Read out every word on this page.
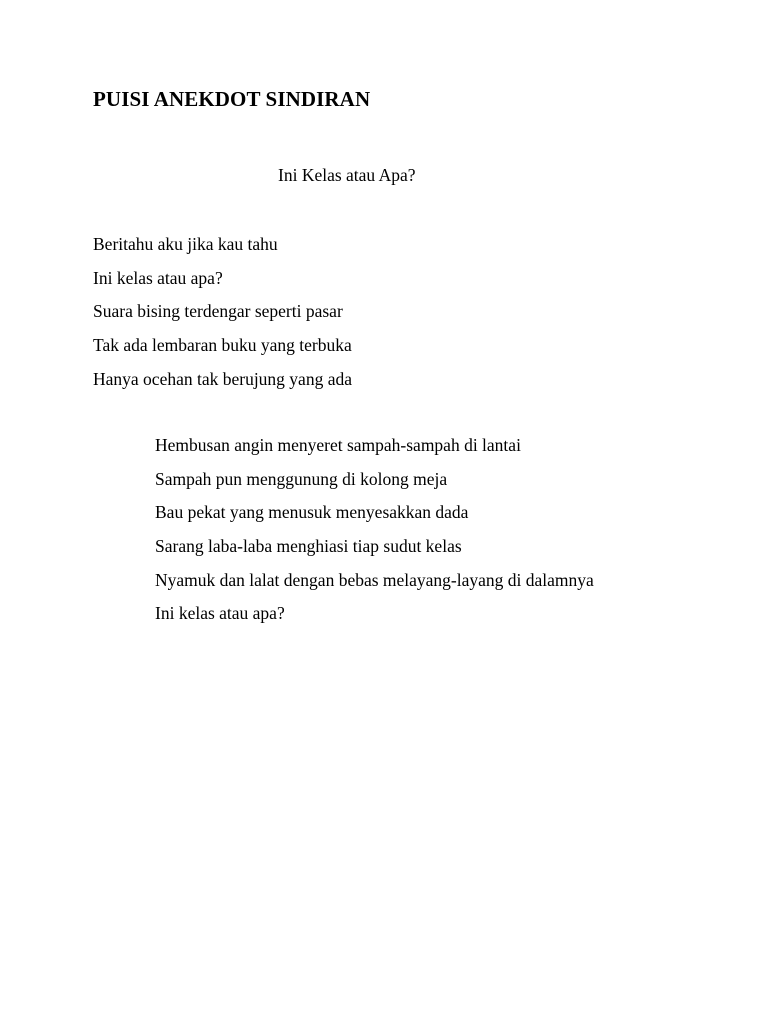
PUISI ANEKDOT SINDIRAN
Ini Kelas atau Apa?
Beritahu aku jika kau tahu
Ini kelas atau apa?
Suara bising terdengar seperti pasar
Tak ada lembaran buku yang terbuka
Hanya ocehan tak berujung yang ada
Hembusan angin menyeret sampah-sampah di lantai
Sampah pun menggunung di kolong meja
Bau pekat yang menusuk menyesakkan dada
Sarang laba-laba menghiasi tiap sudut kelas
Nyamuk dan lalat dengan bebas melayang-layang di dalamnya
Ini kelas atau apa?
